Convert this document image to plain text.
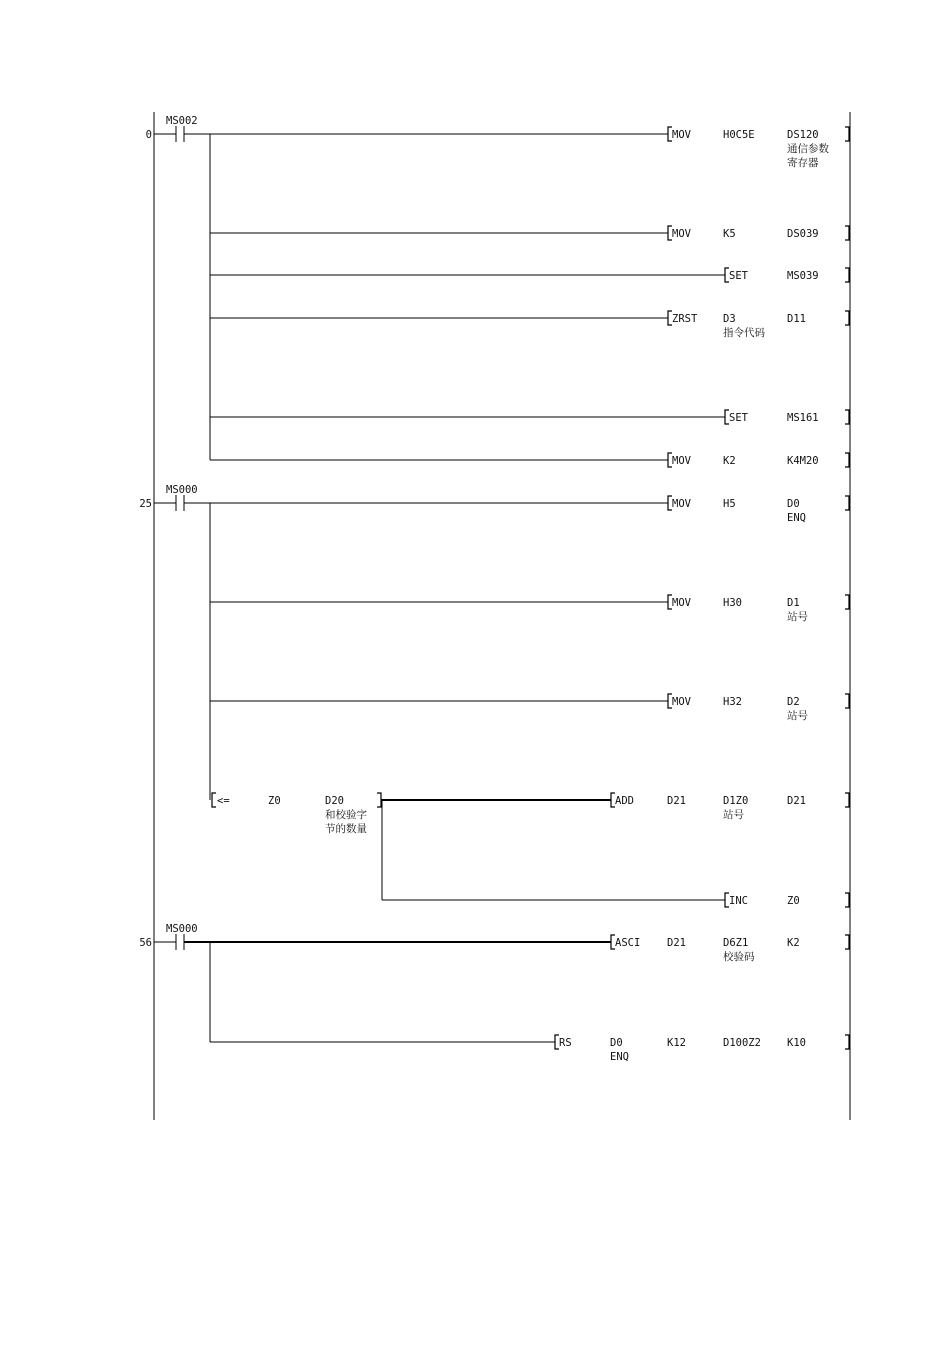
0
MS002
MOV	H0C5E	DS120
通信参数
寄存器
MOV	K5	DS039
SET	MS039
ZRST D3
指令代码
D11
SET	MS161
MOV	K2	K4M20
25
MS000
MOV	H5	D0
ENQ
MOV	H30	D1
站号
MOV	H32	D2
站号
<=	Z0	D20
和校验字
节的数量
ADD	D21	D1Z0
站号
D21
INC	Z0
56
MS000
ASCI	D21	D6Z1
校验码
K2
RS	D0
ENQ
K12	D100Z2 K10
